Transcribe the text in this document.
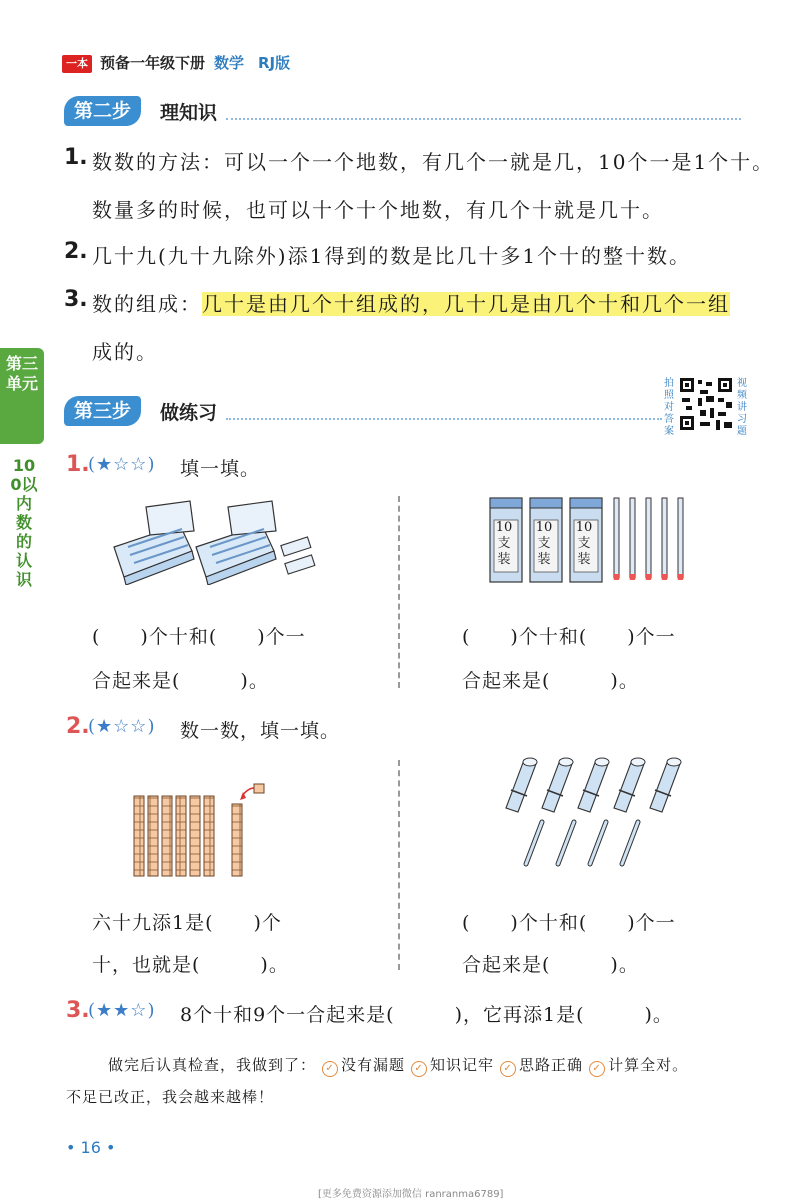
一本 预备一年级下册 数学 RJ版
第二步	理知识
1. 数数的方法：可以一个一个地数，有几个一就是几，10个一是1个十。
数量多的时候，也可以十个十个地数，有几个十就是几十。
2. 几十九(九十九除外)添1得到的数是比几十多1个十的整十数。
3. 数的组成：几十是由几个十组成的，几十几是由几个十和几个一组
成的。
第三单元
100以内数的认识
第三步	做练习
拍照对答案
视频讲习题
1.
(★☆☆) 填一填。
10支装
10支装
10支装
(　　)个十和(　　)个一
合起来是(　　　)。
(　　)个十和(　　)个一
合起来是(　　　)。
2.
(★☆☆) 数一数，填一填。
六十九添1是(　　)个
十，也就是(　　　)。
(　　)个十和(　　)个一
合起来是(　　　)。
3.
(★★☆) 8个十和9个一合起来是(　　　)，它再添1是(　　　)。
做完后认真检查，我做到了： ✓ 没有漏题 ✓ 知识记牢 ✓ 思路正确 ✓ 计算全对。
不足已改正，我会越来越棒！
• 16 •
[更多免费资源添加微信 ranranma6789]
